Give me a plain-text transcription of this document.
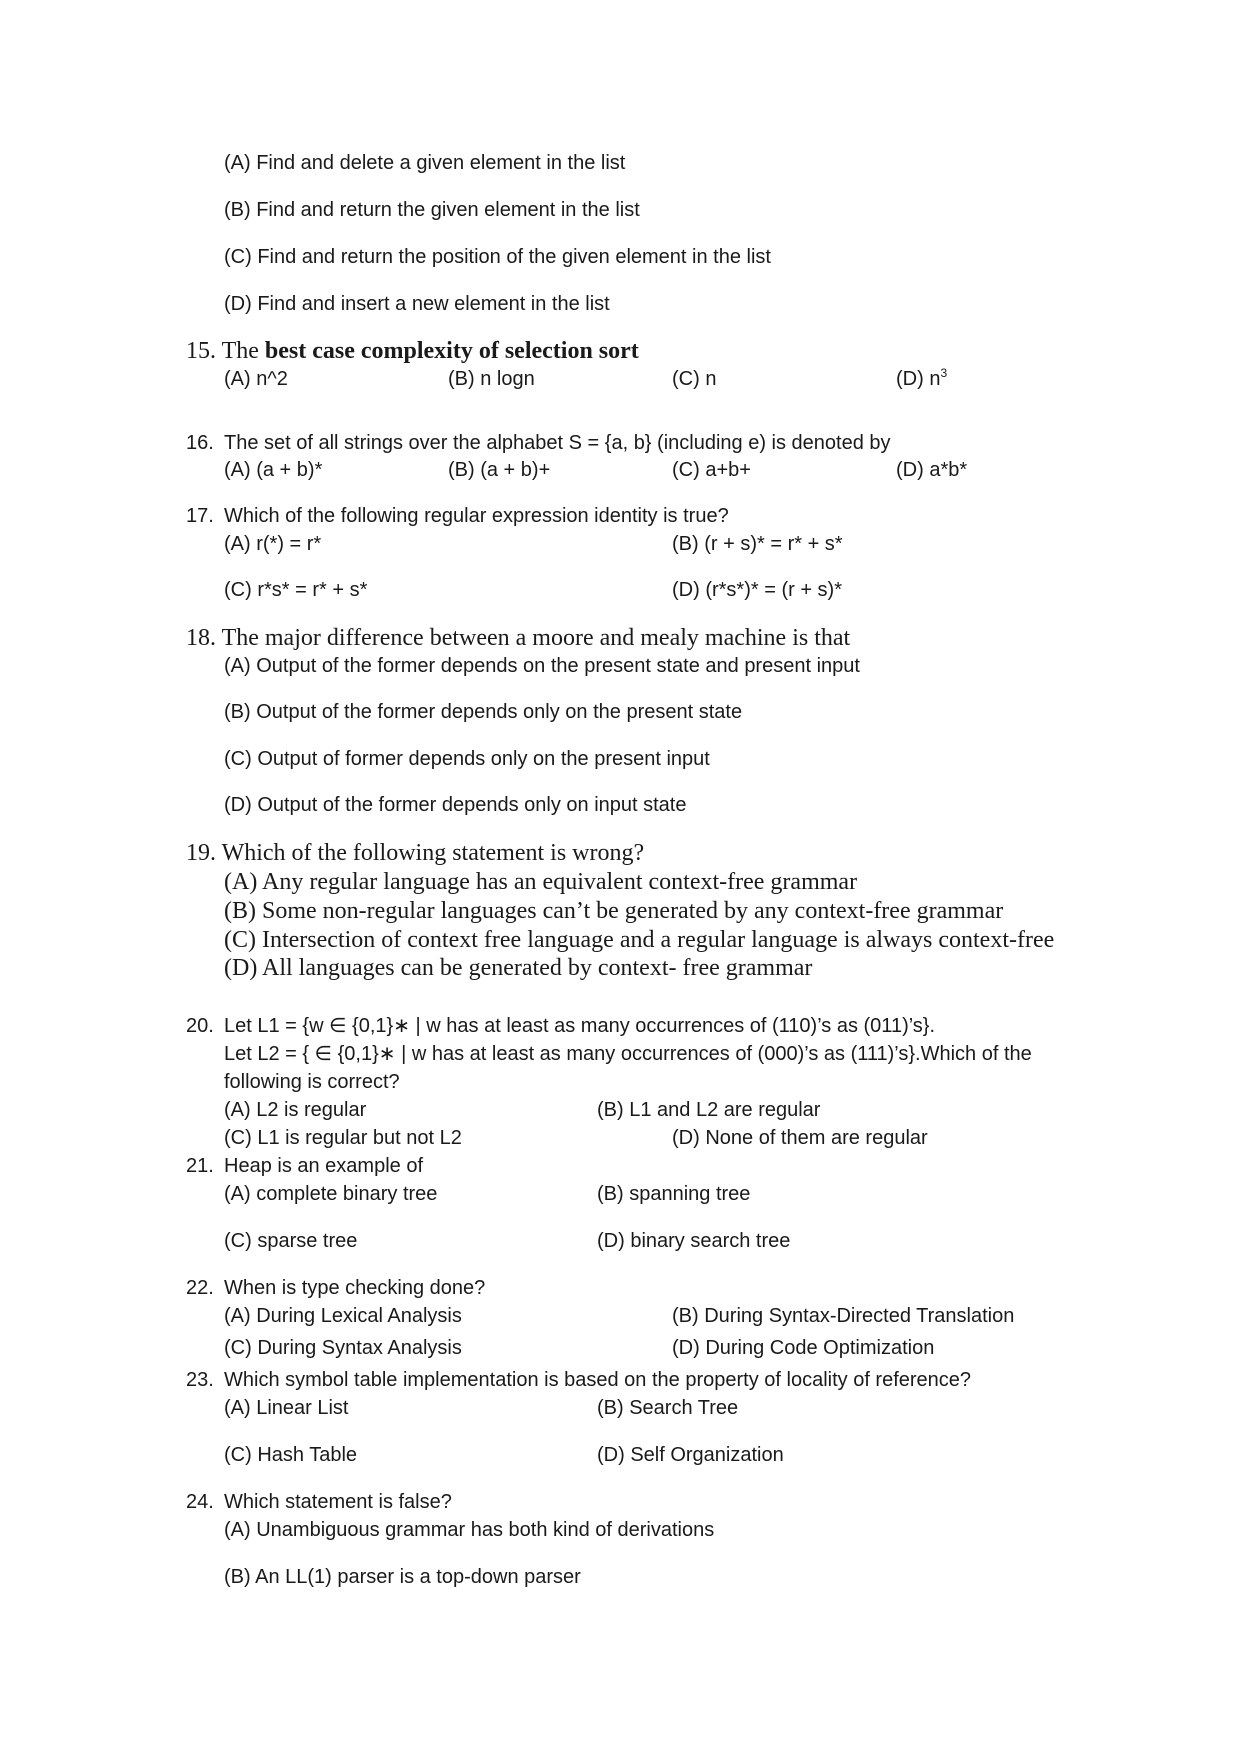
(A) Find and delete a given element in the list
(B) Find and return the given element in the list
(C) Find and return the position of the given element in the list
(D) Find and insert a new element in the list
15. The best case complexity of selection sort
(A) n^2	(B) n logn	(C) n	(D) $n^3$
16. The set of all strings over the alphabet S = {a, b} (including e) is denoted by
(A) (a + b)*	(B) (a + b)+	(C) a+b+	(D) a*b*
17. Which of the following regular expression identity is true?
(A) r(*) = r*	(B) (r + s)* = r* + s*
(C) r*s* = r* + s*	(D) (r*s*)* = (r + s)*
18. The major difference between a moore and mealy machine is that
(A) Output of the former depends on the present state and present input
(B) Output of the former depends only on the present state
(C) Output of former depends only on the present input
(D) Output of the former depends only on input state
19. Which of the following statement is wrong?
(A) Any regular language has an equivalent context-free grammar
(B) Some non-regular languages can’t be generated by any context-free grammar
(C) Intersection of context free language and a regular language is always context-free
(D) All languages can be generated by context- free grammar
20. Let L1 = {w ∈ {0,1}∗ | w has at least as many occurrences of (110)’s as (011)’s}.
Let L2 = { ∈ {0,1}∗ | w has at least as many occurrences of (000)’s as (111)’s}.Which of the
following is correct?
(A) L2 is regular	(B) L1 and L2 are regular
(C) L1 is regular but not L2	(D) None of them are regular
21. Heap is an example of
(A) complete binary tree	(B) spanning tree
(C) sparse tree	(D) binary search tree
22. When is type checking done?
(A) During Lexical Analysis	(B) During Syntax-Directed Translation
(C) During Syntax Analysis	(D) During Code Optimization
23. Which symbol table implementation is based on the property of locality of reference?
(A) Linear List	(B) Search Tree
(C) Hash Table	(D) Self Organization
24. Which statement is false?
(A) Unambiguous grammar has both kind of derivations
(B) An LL(1) parser is a top-down parser
